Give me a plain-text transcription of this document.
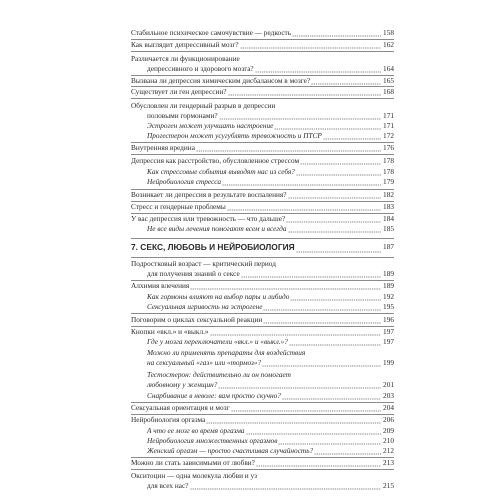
Стабильное психическое самочувствие — редкость	158
Как выглядит депрессивный мозг?	162
Различается ли функционирование
депрессивного и здорового мозга?	164
Вызвана ли депрессия химическим дисбалансом в мозге?	165
Существует ли ген депрессии?	168
Обусловлен ли гендерный разрыв в депрессии
половыми гормонами?	171
Эстроген может улучшать настроение	171
Прогестерон может усугублять тревожность и ПТСР	172
Внутренняя вредина	176
Депрессия как расстройство, обусловленное стрессом	178
Как стрессовые события выводят нас из себя?	178
Нейробиология стресса	179
Возникает ли депрессия в результате воспаления?	182
Стресс и гендерные проблемы	183
У вас депрессия или тревожность — что дальше?	184
Не все виды лечения помогают всем и всегда	185
7. СЕКС, ЛЮБОВЬ И НЕЙРОБИОЛОГИЯ	187
Подростковый возраст — критический период
для получения знаний о сексе	189
Алхимия влечения	189
Как гормоны влияют на выбор пары и либидо	192
Сексуальная игривость на эстрогене	195
Поговорим о циклах сексуальной реакции	196
Кнопки «вкл.» и «выкл.»	197
Где у мозга переключатели «вкл.» и «выкл.»?	197
Можно ли применять препараты для воздействия
на сексуальный «газ» или «тормоз»?	199
Тестостерон: действительно ли он помогает
любовному у женщин?	201
Снарбивание в неволе: вам просто скучно?	203
Сексуальная ориентация и мозг	204
Нейробиология оргазма	206
А что ее мозг во время оргазма	209
Нейробиология множественных оргазмов	210
Женский оргазм — просто счастливая случайность?	212
Можно ли стать зависимыми от любви?	213
Окситоцин — одна молекула любви и уз
для всех нас?	215
